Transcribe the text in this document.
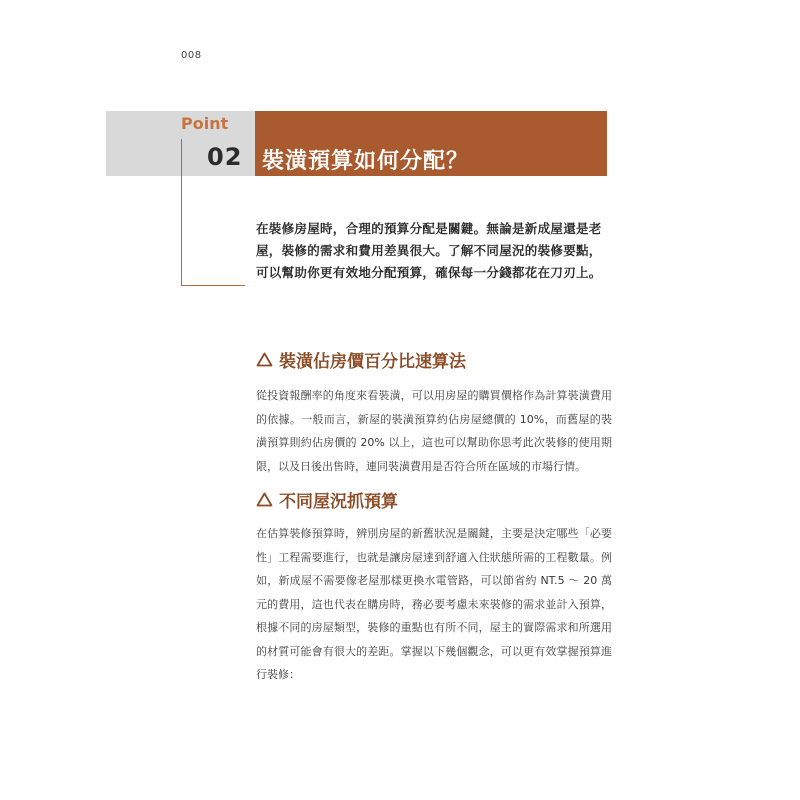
008
Point
02 裝潢預算如何分配？

在裝修房屋時，合理的預算分配是關鍵。無論是新成屋還是老屋，裝修的需求和費用差異很大。了解不同屋況的裝修要點，可以幫助你更有效地分配預算，確保每一分錢都花在刀刃上。

裝潢佔房價百分比速算法

從投資報酬率的角度來看裝潢，可以用房屋的購買價格作為計算裝潢費用的依據。一般而言，新屋的裝潢預算約佔房屋總價的 10%，而舊屋的裝潢預算則約佔房價的 20% 以上，這也可以幫助你思考此次裝修的使用期限，以及日後出售時，連同裝潢費用是否符合所在區域的市場行情。

不同屋況抓預算

在估算裝修預算時，辨別房屋的新舊狀況是關鍵，主要是決定哪些「必要性」工程需要進行，也就是讓房屋達到舒適入住狀態所需的工程數量。例如，新成屋不需要像老屋那樣更換水電管路，可以節省約 NT.5 ～ 20 萬元的費用，這也代表在購房時，務必要考慮未來裝修的需求並計入預算，根據不同的房屋類型，裝修的重點也有所不同，屋主的實際需求和所選用的材質可能會有很大的差距。掌握以下幾個觀念，可以更有效掌握預算進行裝修：
